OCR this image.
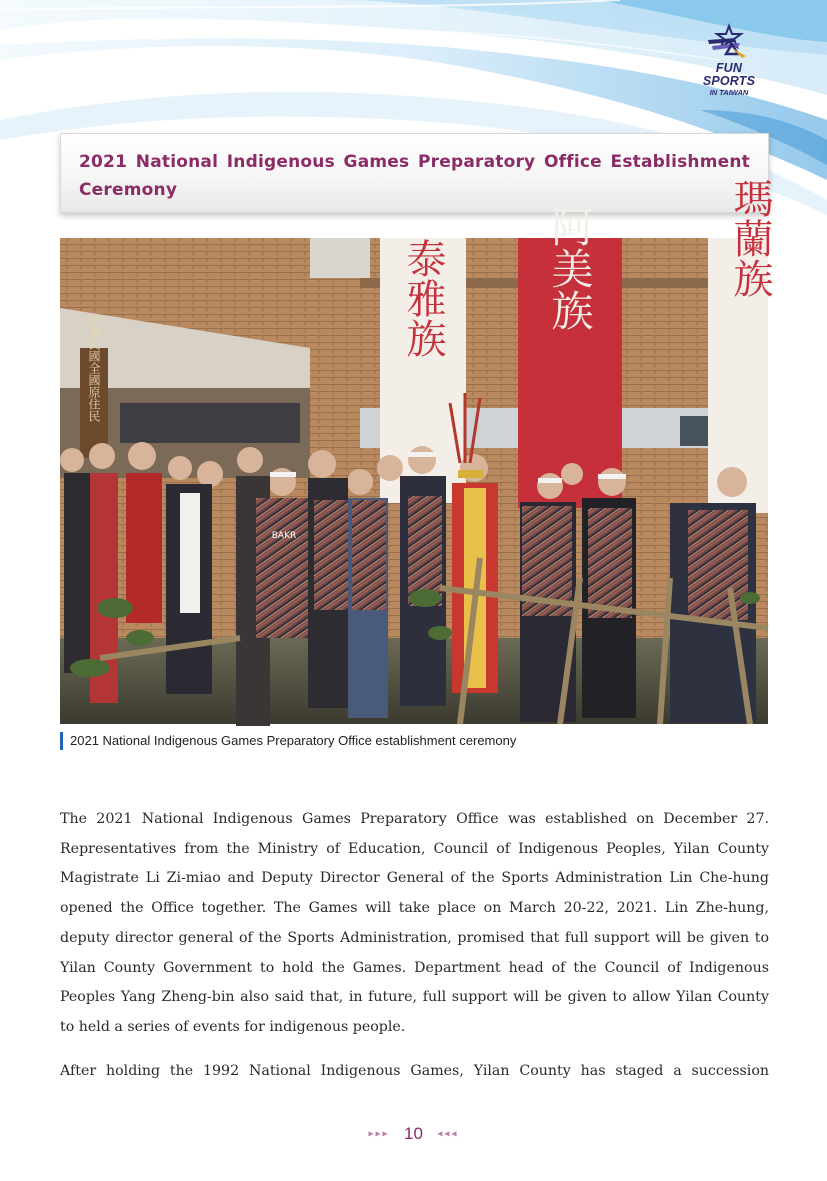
FUN SPORTS
IN TAIWAN
2021 National Indigenous Games Preparatory Office Establishment Ceremony
中華民國全國原住民
泰雅族 阿美族	瑪蘭族
BAKR
2021 National Indigenous Games Preparatory Office establishment ceremony

The 2021 National Indigenous Games Preparatory Office was established on December 27. Representatives from the Ministry of Education, Council of Indigenous Peoples, Yilan County Magistrate Li Zi-miao and Deputy Director General of the Sports Administration Lin Che-hung opened the Office together. The Games will take place on March 20-22, 2021. Lin Zhe-hung, deputy director general of the Sports Administration, promised that full support will be given to Yilan County Government to hold the Games. Department head of the Council of Indigenous Peoples Yang Zheng-bin also said that, in future, full support will be given to allow Yilan County to held a series of events for indigenous people.

After holding the 1992 National Indigenous Games, Yilan County has staged a succession

▸▸▸ 10 ◂◂◂
